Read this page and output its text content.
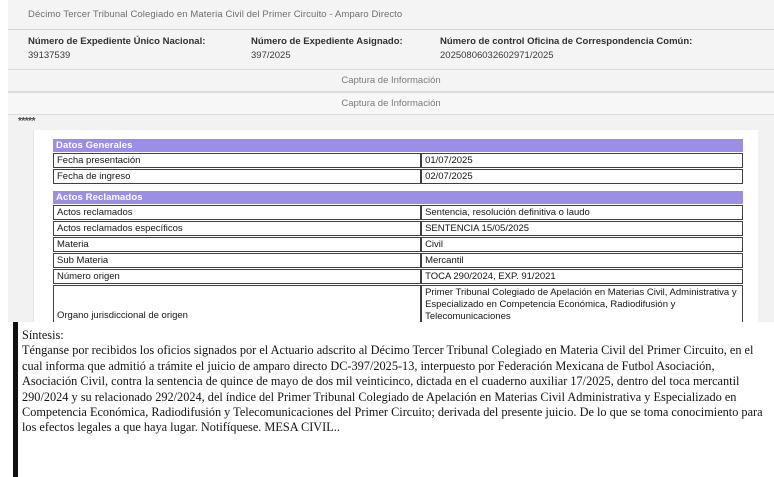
Décimo Tercer Tribunal Colegiado en Materia Civil del Primer Circuito - Amparo Directo
Número de Expediente Único Nacional:
39137539
Número de Expediente Asignado:
397/2025
Número de control Oficina de Correspondencia Común:
20250806032602971/2025
Captura de Información
Captura de Información
*****
Datos Generales
Fecha presentación	01/07/2025
Fecha de ingreso	02/07/2025
Actos Reclamados
Actos reclamados	Sentencia, resolución definitiva o laudo
Actos reclamados específicos	SENTENCIA 15/05/2025
Materia	Civil
Sub Materia	Mercantil
Número origen	TOCA 290/2024, EXP. 91/2021
Organo jurisdiccional de origen	Primer Tribunal Colegiado de Apelación en Materias Civil, Administrativa y Especializado en Competencia Económica, Radiodifusión y Telecomunicaciones
Síntesis:
Ténganse por recibidos los oficios signados por el Actuario adscrito al Décimo Tercer Tribunal Colegiado en Materia Civil del Primer Circuito, en el cual informa que admitió a trámite el juicio de amparo directo DC-397/2025-13, interpuesto por Federación Mexicana de Futbol Asociación, Asociación Civil, contra la sentencia de quince de mayo de dos mil veinticinco, dictada en el cuaderno auxiliar 17/2025, dentro del toca mercantil 290/2024 y su relacionado 292/2024, del índice del Primer Tribunal Colegiado de Apelación en Materias Civil Administrativa y Especializado en Competencia Económica, Radiodifusión y Telecomunicaciones del Primer Circuito; derivada del presente juicio. De lo que se toma conocimiento para los efectos legales a que haya lugar. Notifíquese. MESA CIVIL..
